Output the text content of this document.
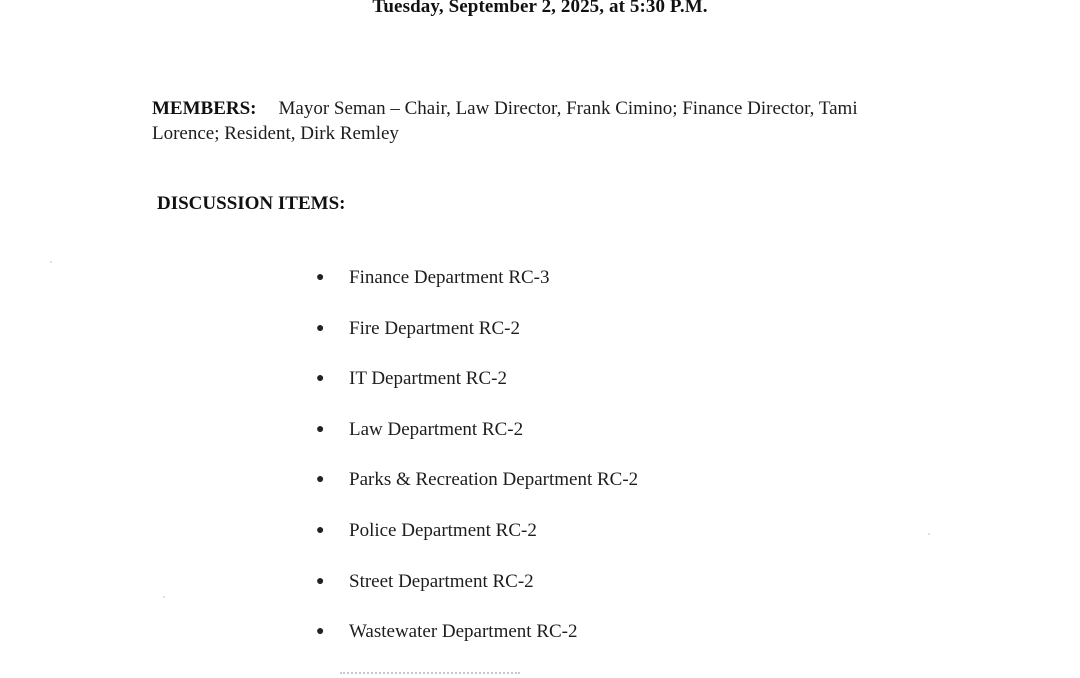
Tuesday, September 2, 2025, at 5:30 P.M.
MEMBERS: Mayor Seman – Chair, Law Director, Frank Cimino; Finance Director, Tami Lorence; Resident, Dirk Remley
DISCUSSION ITEMS:
●	Finance Department RC-3
●	Fire Department RC-2
●	IT Department RC-2
●	Law Department RC-2
●	Parks & Recreation Department RC-2
●	Police Department RC-2
●	Street Department RC-2
●	Wastewater Department RC-2
